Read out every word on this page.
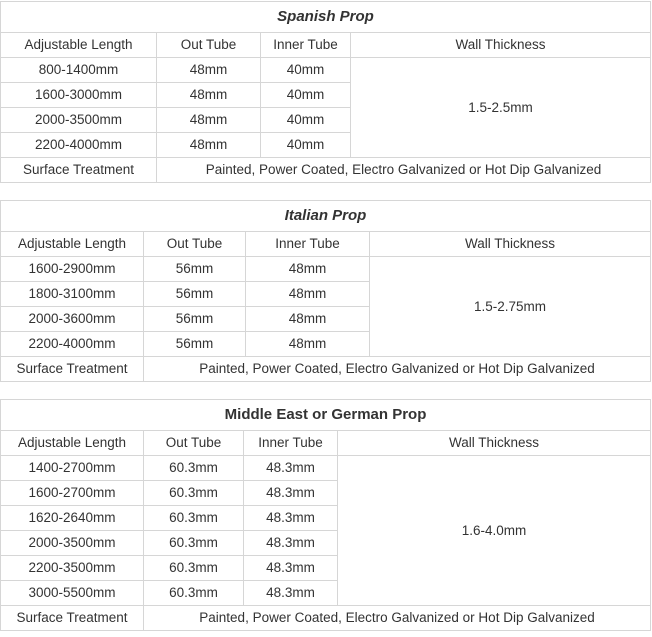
Spanish Prop			
Adjustable Length	Out Tube	Inner Tube	Wall Thickness
800-1400mm	48mm	40mm	1.5-2.5mm
1600-3000mm	48mm	40mm	
2000-3500mm	48mm	40mm	
2200-4000mm	48mm	40mm	
Surface Treatment	Painted, Power Coated, Electro Galvanized or Hot Dip Galvanized		
Italian Prop			
Adjustable Length	Out Tube	Inner Tube	Wall Thickness
1600-2900mm	56mm	48mm	1.5-2.75mm
1800-3100mm	56mm	48mm	
2000-3600mm	56mm	48mm	
2200-4000mm	56mm	48mm	
Surface Treatment	Painted, Power Coated, Electro Galvanized or Hot Dip Galvanized		
Middle East or German Prop			
Adjustable Length	Out Tube	Inner Tube	Wall Thickness
1400-2700mm	60.3mm	48.3mm	1.6-4.0mm
1600-2700mm	60.3mm	48.3mm	
1620-2640mm	60.3mm	48.3mm	
2000-3500mm	60.3mm	48.3mm	
2200-3500mm	60.3mm	48.3mm	
3000-5500mm	60.3mm	48.3mm	
Surface Treatment	Painted, Power Coated, Electro Galvanized or Hot Dip Galvanized		
